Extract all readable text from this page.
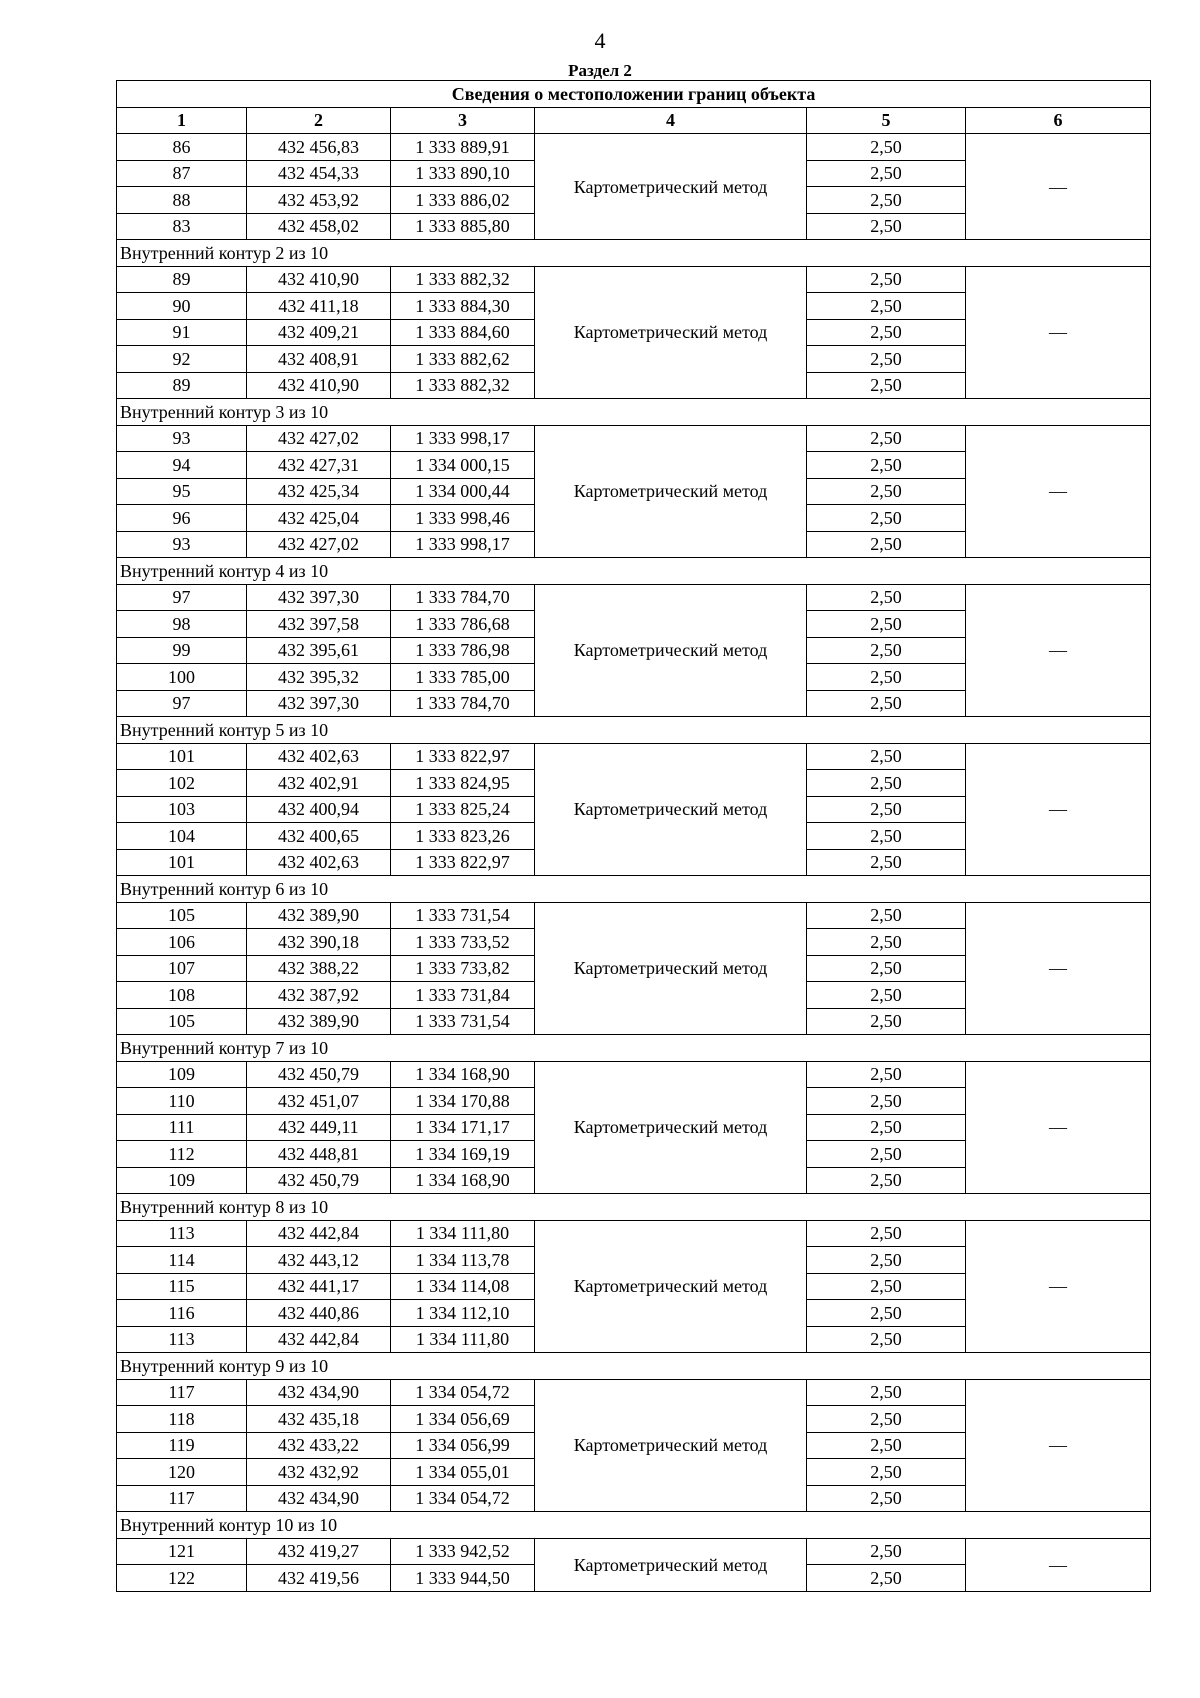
4
Раздел 2
Сведения о местоположении границ объекта					
1	2	3	4	5	6
86	432 456,83	1 333 889,91	Картометрический метод	2,50	—
87	432 454,33	1 333 890,10		2,50	
88	432 453,92	1 333 886,02		2,50	
83	432 458,02	1 333 885,80		2,50	
Внутренний контур 2 из 10					
89	432 410,90	1 333 882,32	Картометрический метод	2,50	—
90	432 411,18	1 333 884,30		2,50	
91	432 409,21	1 333 884,60		2,50	
92	432 408,91	1 333 882,62		2,50	
89	432 410,90	1 333 882,32		2,50	
Внутренний контур 3 из 10					
93	432 427,02	1 333 998,17	Картометрический метод	2,50	—
94	432 427,31	1 334 000,15		2,50	
95	432 425,34	1 334 000,44		2,50	
96	432 425,04	1 333 998,46		2,50	
93	432 427,02	1 333 998,17		2,50	
Внутренний контур 4 из 10					
97	432 397,30	1 333 784,70	Картометрический метод	2,50	—
98	432 397,58	1 333 786,68		2,50	
99	432 395,61	1 333 786,98		2,50	
100	432 395,32	1 333 785,00		2,50	
97	432 397,30	1 333 784,70		2,50	
Внутренний контур 5 из 10					
101	432 402,63	1 333 822,97	Картометрический метод	2,50	—
102	432 402,91	1 333 824,95		2,50	
103	432 400,94	1 333 825,24		2,50	
104	432 400,65	1 333 823,26		2,50	
101	432 402,63	1 333 822,97		2,50	
Внутренний контур 6 из 10					
105	432 389,90	1 333 731,54	Картометрический метод	2,50	—
106	432 390,18	1 333 733,52		2,50	
107	432 388,22	1 333 733,82		2,50	
108	432 387,92	1 333 731,84		2,50	
105	432 389,90	1 333 731,54		2,50	
Внутренний контур 7 из 10					
109	432 450,79	1 334 168,90	Картометрический метод	2,50	—
110	432 451,07	1 334 170,88		2,50	
111	432 449,11	1 334 171,17		2,50	
112	432 448,81	1 334 169,19		2,50	
109	432 450,79	1 334 168,90		2,50	
Внутренний контур 8 из 10					
113	432 442,84	1 334 111,80	Картометрический метод	2,50	—
114	432 443,12	1 334 113,78		2,50	
115	432 441,17	1 334 114,08		2,50	
116	432 440,86	1 334 112,10		2,50	
113	432 442,84	1 334 111,80		2,50	
Внутренний контур 9 из 10					
117	432 434,90	1 334 054,72	Картометрический метод	2,50	—
118	432 435,18	1 334 056,69		2,50	
119	432 433,22	1 334 056,99		2,50	
120	432 432,92	1 334 055,01		2,50	
117	432 434,90	1 334 054,72		2,50	
Внутренний контур 10 из 10					
121	432 419,27	1 333 942,52	Картометрический метод	2,50	—
122	432 419,56	1 333 944,50		2,50	
